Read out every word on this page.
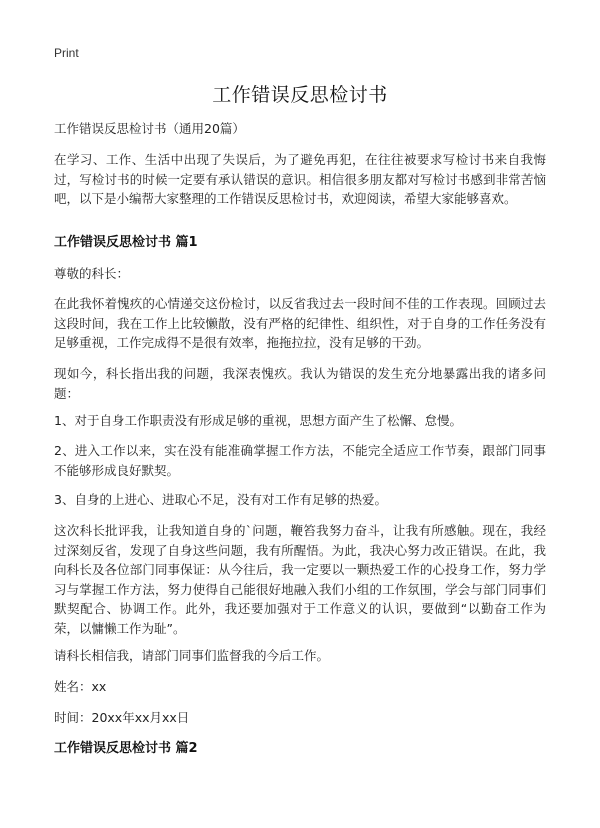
Print
工作错误反思检讨书
工作错误反思检讨书（通用20篇）
在学习、工作、生活中出现了失误后，为了避免再犯，在往往被要求写检讨书来自我悔过，写检讨书的时候一定要有承认错误的意识。相信很多朋友都对写检讨书感到非常苦恼吧，以下是小编帮大家整理的工作错误反思检讨书，欢迎阅读，希望大家能够喜欢。
工作错误反思检讨书 篇1
尊敬的科长：
在此我怀着愧疚的心情递交这份检讨，以反省我过去一段时间不佳的工作表现。回顾过去这段时间，我在工作上比较懒散，没有严格的纪律性、组织性，对于自身的工作任务没有足够重视，工作完成得不是很有效率，拖拖拉拉，没有足够的干劲。
现如今，科长指出我的问题，我深表愧疚。我认为错误的发生充分地暴露出我的诸多问题：
1、对于自身工作职责没有形成足够的重视，思想方面产生了松懈、怠慢。
2、进入工作以来，实在没有能准确掌握工作方法，不能完全适应工作节奏，跟部门同事不能够形成良好默契。
3、自身的上进心、进取心不足，没有对工作有足够的热爱。
这次科长批评我，让我知道自身的`问题，鞭笞我努力奋斗，让我有所感触。现在，我经过深刻反省，发现了自身这些问题，我有所醒悟。为此，我决心努力改正错误。在此，我向科长及各位部门同事保证：从今往后，我一定要以一颗热爱工作的心投身工作，努力学习与掌握工作方法，努力使得自己能很好地融入我们小组的工作氛围，学会与部门同事们默契配合、协调工作。此外，我还要加强对于工作意义的认识，要做到“以勤奋工作为荣，以慵懒工作为耻”。
请科长相信我，请部门同事们监督我的今后工作。
姓名：xx
时间：20xx年xx月xx日
工作错误反思检讨书 篇2
